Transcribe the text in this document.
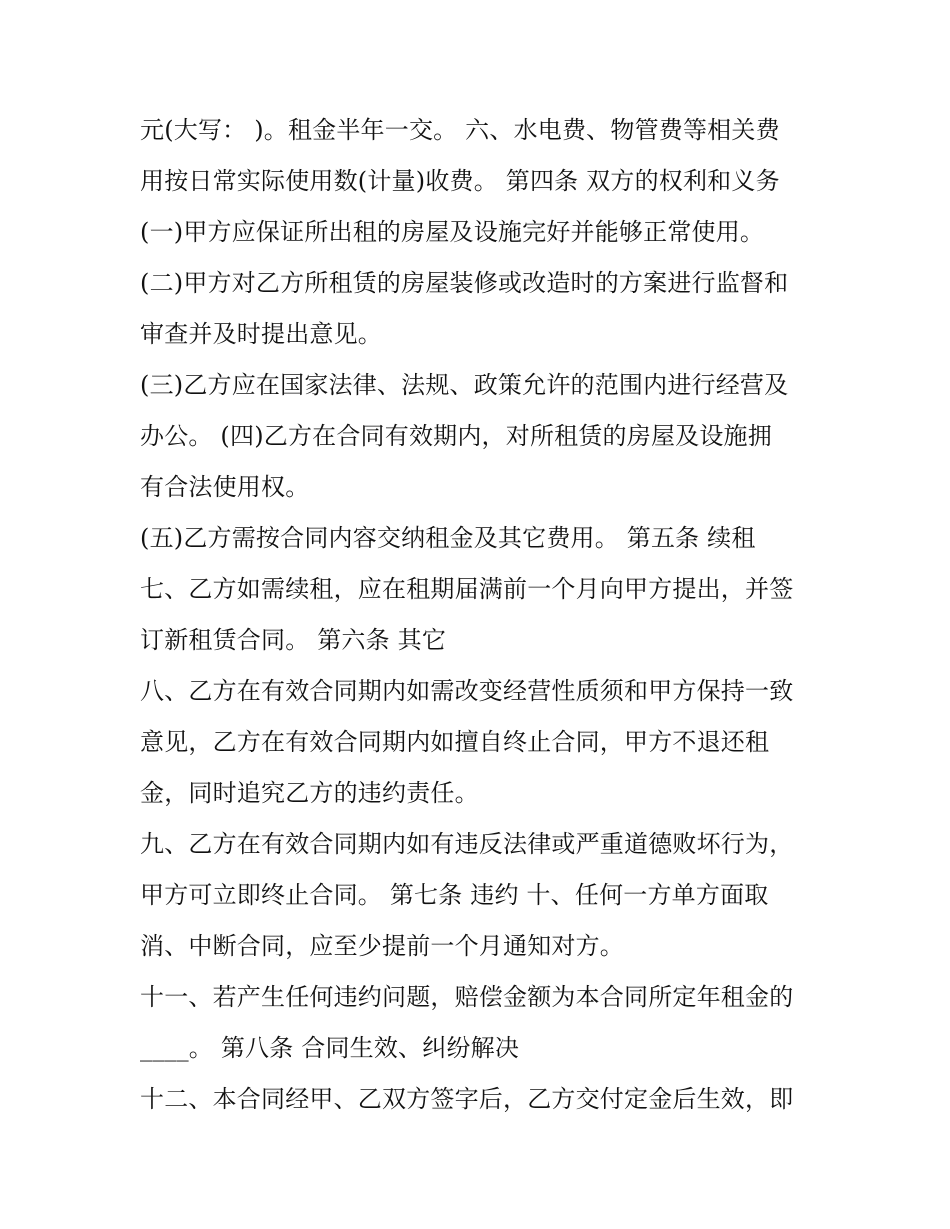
元(大写： )。租金半年一交。 六、水电费、物管费等相关费
用按日常实际使用数(计量)收费。 第四条 双方的权利和义务
(一)甲方应保证所出租的房屋及设施完好并能够正常使用。
(二)甲方对乙方所租赁的房屋装修或改造时的方案进行监督和
审查并及时提出意见。
(三)乙方应在国家法律、法规、政策允许的范围内进行经营及
办公。 (四)乙方在合同有效期内，对所租赁的房屋及设施拥
有合法使用权。
(五)乙方需按合同内容交纳租金及其它费用。 第五条 续租
七、乙方如需续租，应在租期届满前一个月向甲方提出，并签
订新租赁合同。 第六条 其它
八、乙方在有效合同期内如需改变经营性质须和甲方保持一致
意见，乙方在有效合同期内如擅自终止合同，甲方不退还租
金，同时追究乙方的违约责任。
九、乙方在有效合同期内如有违反法律或严重道德败坏行为，
甲方可立即终止合同。 第七条 违约 十、任何一方单方面取
消、中断合同，应至少提前一个月通知对方。
十一、若产生任何违约问题，赔偿金额为本合同所定年租金的
____。 第八条 合同生效、纠纷解决
十二、本合同经甲、乙双方签字后，乙方交付定金后生效，即
